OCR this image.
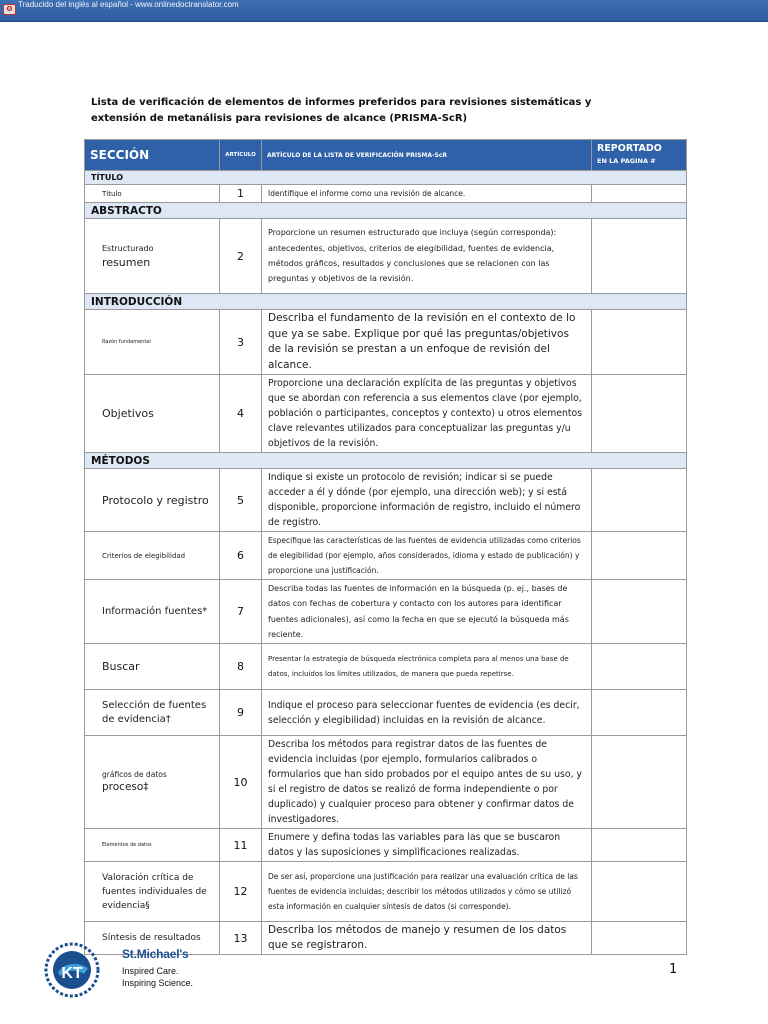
ʘ Traducido del inglés al español - www.onlinedoctranslator.com
Lista de verificación de elementos de informes preferidos para revisiones sistemáticas y extensión de metanálisis para revisiones de alcance (PRISMA-ScR)
SECCIÓN	ARTÍCULO	ARTÍCULO DE LA LISTA DE VERIFICACIÓN PRISMA-ScR	REPORTADO
EN LA PAGINA #

TÍTULO			
Título	1	Identifique el informe como una revisión de alcance.	
ABSTRACTO			

Estructurado
resumen	2	Proporcione un resumen estructurado que incluya (según corresponda): antecedentes, objetivos, criterios de elegibilidad, fuentes de evidencia, métodos gráficos, resultados y conclusiones que se relacionen con las preguntas y objetivos de la revisión.	
INTRODUCCIÓN			
Razón fundamental	3	Describa el fundamento de la revisión en el contexto de lo que ya se sabe. Explique por qué las preguntas/objetivos de la revisión se prestan a un enfoque de revisión del alcance.	
Objetivos	4	Proporcione una declaración explícita de las preguntas y objetivos que se abordan con referencia a sus elementos clave (por ejemplo, población o participantes, conceptos y contexto) u otros elementos clave relevantes utilizados para conceptualizar las preguntas y/u objetivos de la revisión.	
MÉTODOS			
Protocolo y registro	5	Indique si existe un protocolo de revisión; indicar si se puede acceder a él y dónde (por ejemplo, una dirección web); y si está disponible, proporcione información de registro, incluido el número de registro.	
Criterios de elegibilidad	6	Especifique las características de las fuentes de evidencia utilizadas como criterios de elegibilidad (por ejemplo, años considerados, idioma y estado de publicación) y proporcione una justificación.	
Información fuentes*	7	Describa todas las fuentes de información en la búsqueda (p. ej., bases de datos con fechas de cobertura y contacto con los autores para identificar fuentes adicionales), así como la fecha en que se ejecutó la búsqueda más reciente.	
Buscar	8	Presentar la estrategia de búsqueda electrónica completa para al menos una base de datos, incluidos los límites utilizados, de manera que pueda repetirse.	
Selección de fuentes de evidencia†	9	Indique el proceso para seleccionar fuentes de evidencia (es decir, selección y elegibilidad) incluidas en la revisión de alcance.	

gráficos de datos
proceso‡	10	Describa los métodos para registrar datos de las fuentes de evidencia incluidas (por ejemplo, formularios calibrados o formularios que han sido probados por el equipo antes de su uso, y si el registro de datos se realizó de forma independiente o por duplicado) y cualquier proceso para obtener y confirmar datos de investigadores.	
Elementos de datos	11	Enumere y defina todas las variables para las que se buscaron datos y las suposiciones y simplificaciones realizadas.	
Valoración crítica de fuentes individuales de evidencia§	12	De ser así, proporcione una justificación para realizar una evaluación crítica de las fuentes de evidencia incluidas; describir los métodos utilizados y cómo se utilizó esta información en cualquier síntesis de datos (si corresponde).	
Síntesis de resultados	13	Describa los métodos de manejo y resumen de los datos que se registraron.	
KT
St.Michael's
Inspired Care.
Inspiring Science.
1
